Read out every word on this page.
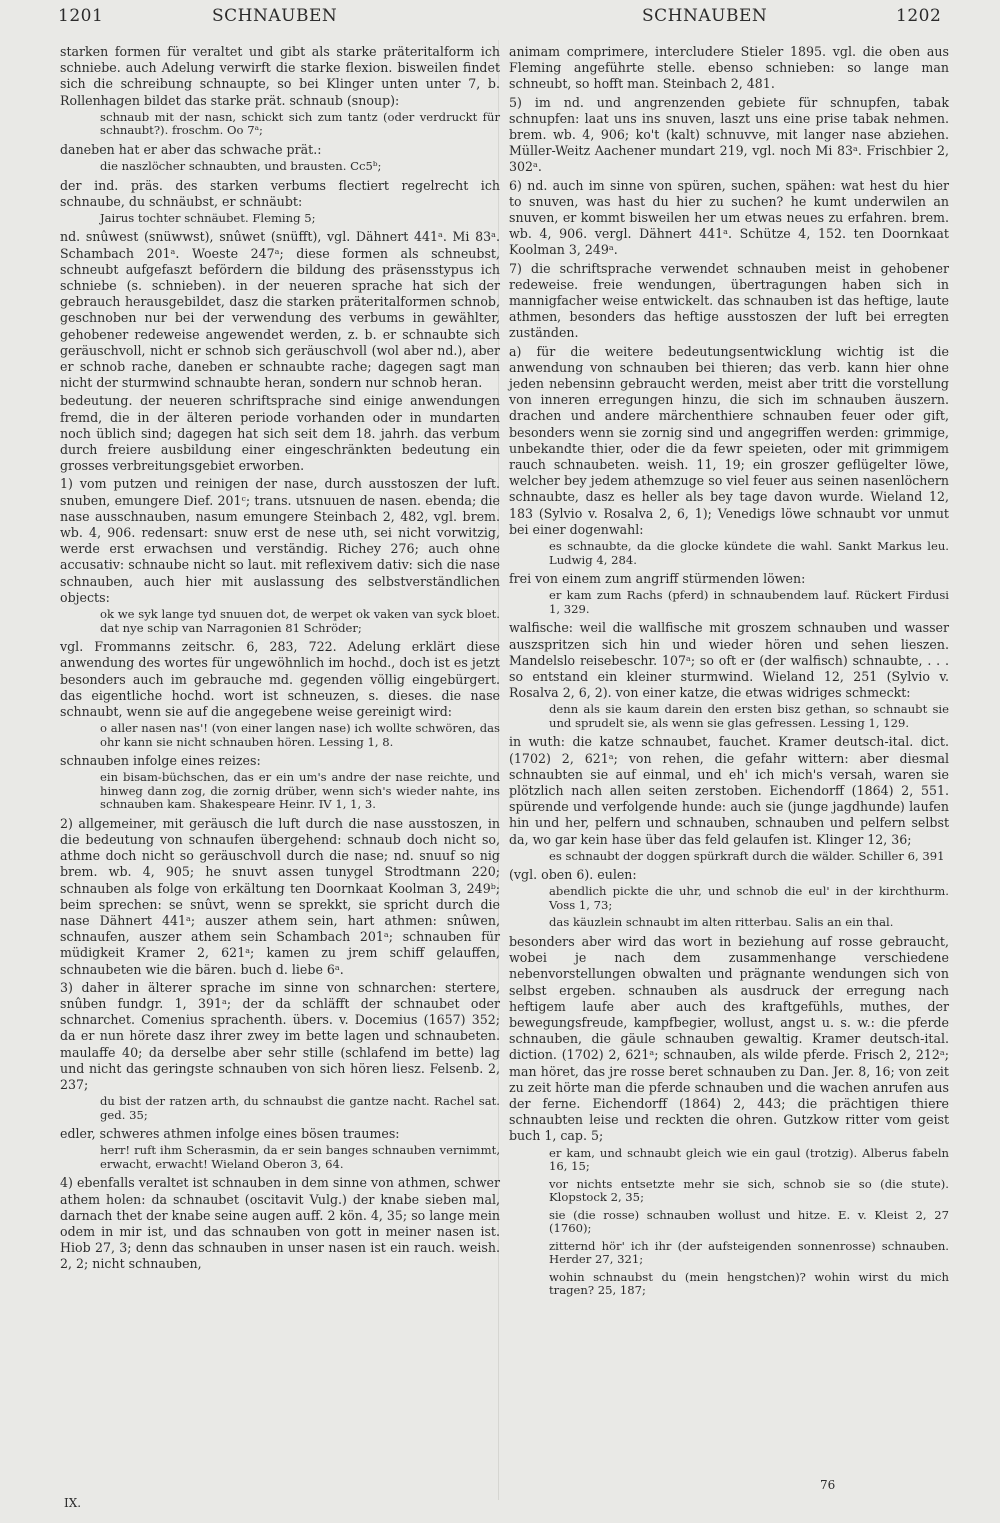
1201	SCHNAUBEN	SCHNAUBEN	1202

starken formen für veraltet und gibt als starke präteritalform ich schniebe. auch Adelung verwirft die starke flexion. bisweilen findet sich die schreibung schnaupte, so bei Klinger unten unter 7, b. Rollenhagen bildet das starke prät. schnaub (snoup):

schnaub mit der nasn, schickt sich zum tantz (oder verdruckt für schnaubt?). froschm. Oo 7ᵃ;

daneben hat er aber das schwache prät.:

die naszlöcher schnaubten, und brausten. Cc5ᵇ;

der ind. präs. des starken verbums flectiert regelrecht ich schnaube, du schnäubst, er schnäubt:

Jairus tochter schnäubet. Fleming 5;

nd. snûwest (snüwwst), snûwet (snüfft), vgl. Dähnert 441ᵃ. Mi 83ᵃ. Schambach 201ᵃ. Woeste 247ᵃ; diese formen als schneubst, schneubt aufgefaszt befördern die bildung des präsensstypus ich schniebe (s. schnieben). in der neueren sprache hat sich der gebrauch herausgebildet, dasz die starken präteritalformen schnob, geschnoben nur bei der verwendung des verbums in gewählter, gehobener redeweise angewendet werden, z. b. er schnaubte sich geräuschvoll, nicht er schnob sich geräuschvoll (wol aber nd.), aber er schnob rache, daneben er schnaubte rache; dagegen sagt man nicht der sturmwind schnaubte heran, sondern nur schnob heran.

bedeutung. der neueren schriftsprache sind einige anwendungen fremd, die in der älteren periode vorhanden oder in mundarten noch üblich sind; dagegen hat sich seit dem 18. jahrh. das verbum durch freiere ausbildung einer eingeschränkten bedeutung ein grosses verbreitungsgebiet erworben.

1) vom putzen und reinigen der nase, durch ausstoszen der luft. snuben, emungere Dief. 201ᶜ; trans. utsnuuen de nasen. ebenda; die nase ausschnauben, nasum emungere Steinbach 2, 482, vgl. brem. wb. 4, 906. redensart: snuw erst de nese uth, sei nicht vorwitzig, werde erst erwachsen und verständig. Richey 276; auch ohne accusativ: schnaube nicht so laut. mit reflexivem dativ: sich die nase schnauben, auch hier mit auslassung des selbstverständlichen objects:

ok we syk lange tyd snuuen dot, de werpet ok vaken van syck bloet. dat nye schip van Narragonien 81 Schröder;

vgl. Frommanns zeitschr. 6, 283, 722. Adelung erklärt diese anwendung des wortes für ungewöhnlich im hochd., doch ist es jetzt besonders auch im gebrauche md. gegenden völlig eingebürgert. das eigentliche hochd. wort ist schneuzen, s. dieses. die nase schnaubt, wenn sie auf die angegebene weise gereinigt wird:

o aller nasen nas'! (von einer langen nase) ich wollte schwören, das ohr kann sie nicht schnauben hören. Lessing 1, 8.

schnauben infolge eines reizes:

ein bisam-büchschen, das er ein um's andre der nase reichte, und hinweg dann zog, die zornig drüber, wenn sich's wieder nahte, ins schnauben kam. Shakespeare Heinr. IV 1, 1, 3.

2) allgemeiner, mit geräusch die luft durch die nase ausstoszen, in die bedeutung von schnaufen übergehend: schnaub doch nicht so, athme doch nicht so geräuschvoll durch die nase; nd. snuuf so nig brem. wb. 4, 905; he snuvt assen tunygel Strodtmann 220; schnauben als folge von erkältung ten Doornkaat Koolman 3, 249ᵇ; beim sprechen: se snûvt, wenn se sprekkt, sie spricht durch die nase Dähnert 441ᵃ; auszer athem sein, hart athmen: snûwen, schnaufen, auszer athem sein Schambach 201ᵃ; schnauben für müdigkeit Kramer 2, 621ᵃ; kamen zu jrem schiff gelauffen, schnaubeten wie die bären. buch d. liebe 6ᵃ.

3) daher in älterer sprache im sinne von schnarchen: stertere, snûben fundgr. 1, 391ᵃ; der da schläfft der schnaubet oder schnarchet. Comenius sprachenth. übers. v. Docemius (1657) 352; da er nun hörete dasz ihrer zwey im bette lagen und schnaubeten. maulaffe 40; da derselbe aber sehr stille (schlafend im bette) lag und nicht das geringste schnauben von sich hören liesz. Felsenb. 2, 237;

du bist der ratzen arth, du schnaubst die gantze nacht. Rachel sat. ged. 35;

edler, schweres athmen infolge eines bösen traumes:

herr! ruft ihm Scherasmin, da er sein banges schnauben vernimmt, erwacht, erwacht! Wieland Oberon 3, 64.

4) ebenfalls veraltet ist schnauben in dem sinne von athmen, schwer athem holen: da schnaubet (oscitavit Vulg.) der knabe sieben mal, darnach thet der knabe seine augen auff. 2 kön. 4, 35; so lange mein odem in mir ist, und das schnauben von gott in meiner nasen ist. Hiob 27, 3; denn das schnauben in unser nasen ist ein rauch. weish. 2, 2; nicht schnauben,

animam comprimere, intercludere Stieler 1895. vgl. die oben aus Fleming angeführte stelle. ebenso schnieben: so lange man schneubt, so hofft man. Steinbach 2, 481.

5) im nd. und angrenzenden gebiete für schnupfen, tabak schnupfen: laat uns ins snuven, laszt uns eine prise tabak nehmen. brem. wb. 4, 906; ko't (kalt) schnuvve, mit langer nase abziehen. Müller-Weitz Aachener mundart 219, vgl. noch Mi 83ᵃ. Frischbier 2, 302ᵃ.

6) nd. auch im sinne von spüren, suchen, spähen: wat hest du hier to snuven, was hast du hier zu suchen? he kumt underwilen an snuven, er kommt bisweilen her um etwas neues zu erfahren. brem. wb. 4, 906. vergl. Dähnert 441ᵃ. Schütze 4, 152. ten Doornkaat Koolman 3, 249ᵃ.

7) die schriftsprache verwendet schnauben meist in gehobener redeweise. freie wendungen, übertragungen haben sich in mannigfacher weise entwickelt. das schnauben ist das heftige, laute athmen, besonders das heftige ausstoszen der luft bei erregten zuständen.

a) für die weitere bedeutungsentwicklung wichtig ist die anwendung von schnauben bei thieren; das verb. kann hier ohne jeden nebensinn gebraucht werden, meist aber tritt die vorstellung von inneren erregungen hinzu, die sich im schnauben äuszern. drachen und andere märchenthiere schnauben feuer oder gift, besonders wenn sie zornig sind und angegriffen werden: grimmige, unbekandte thier, oder die da fewr speieten, oder mit grimmigem rauch schnaubeten. weish. 11, 19; ein groszer geflügelter löwe, welcher bey jedem athemzuge so viel feuer aus seinen nasenlöchern schnaubte, dasz es heller als bey tage davon wurde. Wieland 12, 183 (Sylvio v. Rosalva 2, 6, 1); Venedigs löwe schnaubt vor unmut bei einer dogenwahl:

es schnaubte, da die glocke kündete die wahl. Sankt Markus leu. Ludwig 4, 284.

frei von einem zum angriff stürmenden löwen:

er kam zum Rachs (pferd) in schnaubendem lauf. Rückert Firdusi 1, 329.

walfische: weil die wallfische mit groszem schnauben und wasser auszspritzen sich hin und wieder hören und sehen lieszen. Mandelslo reisebeschr. 107ᵃ; so oft er (der walfisch) schnaubte, . . . so entstand ein kleiner sturmwind. Wieland 12, 251 (Sylvio v. Rosalva 2, 6, 2). von einer katze, die etwas widriges schmeckt:

denn als sie kaum darein den ersten bisz gethan, so schnaubt sie und sprudelt sie, als wenn sie glas gefressen. Lessing 1, 129.

in wuth: die katze schnaubet, fauchet. Kramer deutsch-ital. dict. (1702) 2, 621ᵃ; von rehen, die gefahr wittern: aber diesmal schnaubten sie auf einmal, und eh' ich mich's versah, waren sie plötzlich nach allen seiten zerstoben. Eichendorff (1864) 2, 551. spürende und verfolgende hunde: auch sie (junge jagdhunde) laufen hin und her, pelfern und schnauben, schnauben und pelfern selbst da, wo gar kein hase über das feld gelaufen ist. Klinger 12, 36;

es schnaubt der doggen spürkraft durch die wälder. Schiller 6, 391

(vgl. oben 6). eulen:

abendlich pickte die uhr, und schnob die eul' in der kirchthurm. Voss 1, 73;

das käuzlein schnaubt im alten ritterbau. Salis an ein thal.

besonders aber wird das wort in beziehung auf rosse gebraucht, wobei je nach dem zusammenhange verschiedene nebenvorstellungen obwalten und prägnante wendungen sich von selbst ergeben. schnauben als ausdruck der erregung nach heftigem laufe aber auch des kraftgefühls, muthes, der bewegungsfreude, kampfbegier, wollust, angst u. s. w.: die pferde schnauben, die gäule schnauben gewaltig. Kramer deutsch-ital. diction. (1702) 2, 621ᵃ; schnauben, als wilde pferde. Frisch 2, 212ᵃ; man höret, das jre rosse beret schnauben zu Dan. Jer. 8, 16; von zeit zu zeit hörte man die pferde schnauben und die wachen anrufen aus der ferne. Eichendorff (1864) 2, 443; die prächtigen thiere schnaubten leise und reckten die ohren. Gutzkow ritter vom geist buch 1, cap. 5;

er kam, und schnaubt gleich wie ein gaul (trotzig). Alberus fabeln 16, 15;

vor nichts entsetzte mehr sie sich, schnob sie so (die stute). Klopstock 2, 35;

sie (die rosse) schnauben wollust und hitze. E. v. Kleist 2, 27 (1760);

zitternd hör' ich ihr (der aufsteigenden sonnenrosse) schnauben. Herder 27, 321;

wohin schnaubst du (mein hengstchen)? wohin wirst du mich tragen? 25, 187;

IX.
76
